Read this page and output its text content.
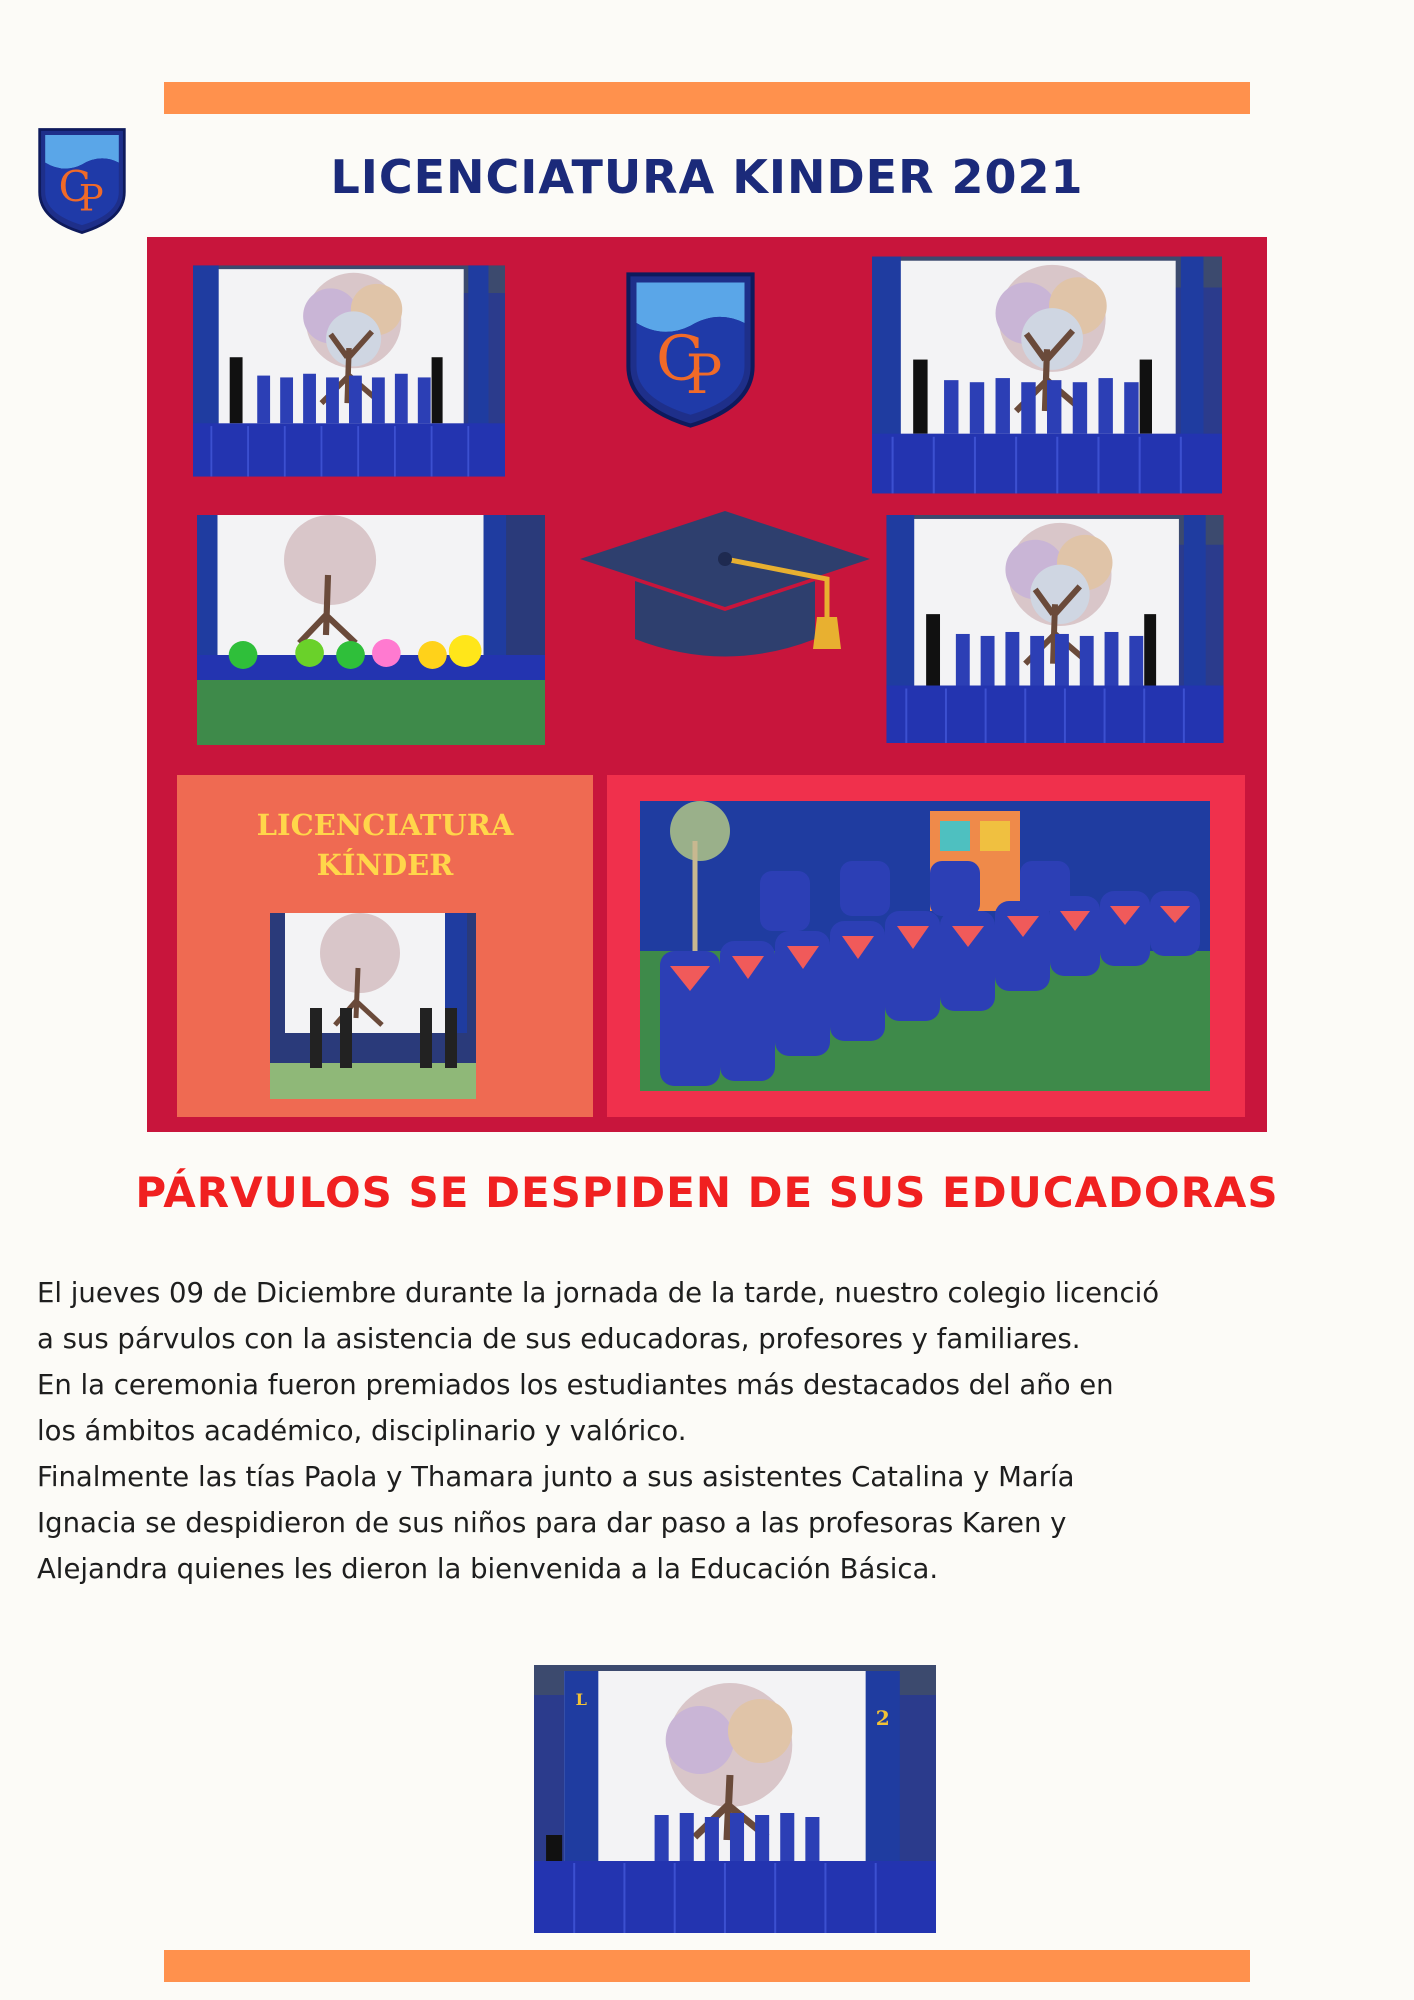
LICENCIATURA KINDER 2021
LICENCIATURA
KÍNDER
PÁRVULOS SE DESPIDEN DE SUS EDUCADORAS

El jueves 09 de Diciembre durante la jornada de la tarde, nuestro colegio licenció

a sus párvulos con la asistencia de sus educadoras, profesores y familiares.

En la ceremonia fueron premiados los estudiantes más destacados del año en

los ámbitos académico, disciplinario y valórico.

Finalmente las tías Paola y Thamara junto a sus asistentes Catalina y María

Ignacia se despidieron de sus niños para dar paso a las profesoras Karen y

Alejandra quienes les dieron la bienvenida a la Educación Básica.

L
2
